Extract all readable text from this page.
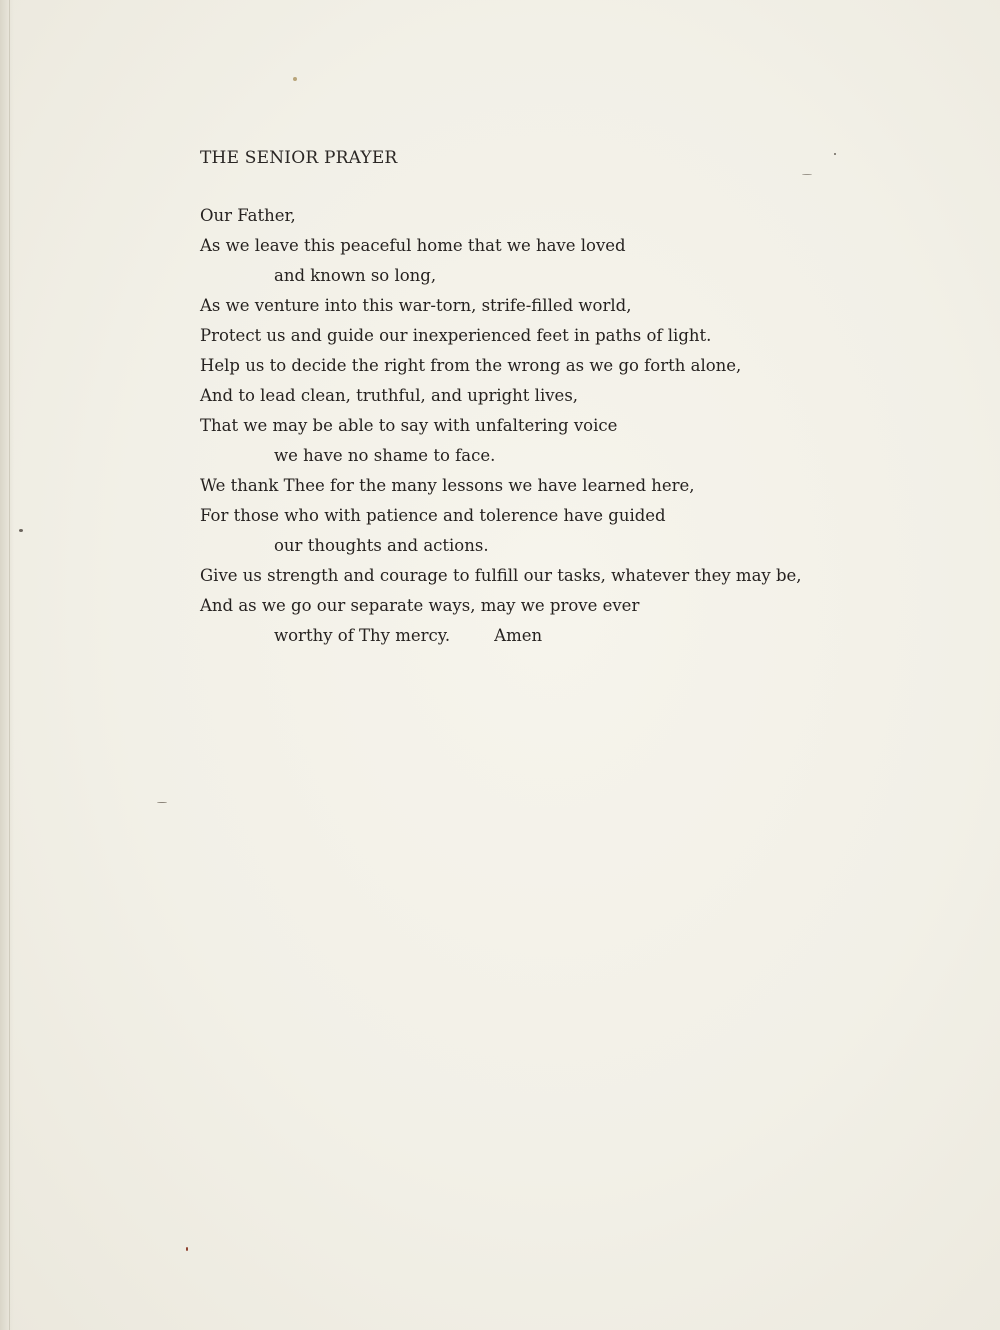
THE SENIOR PRAYER
Our Father,
As we leave this peaceful home that we have loved
and known so long,
As we venture into this war-torn, strife-filled world,
Protect us and guide our inexperienced feet in paths of light.
Help us to decide the right from the wrong as we go forth alone,
And to lead clean, truthful, and upright lives,
That we may be able to say with unfaltering voice
we have no shame to face.
We thank Thee for the many lessons we have learned here,
For those who with patience and tolerence have guided
our thoughts and actions.
Give us strength and courage to fulfill our tasks, whatever they may be,
And as we go our separate ways, may we prove ever
worthy of Thy mercy.	Amen
